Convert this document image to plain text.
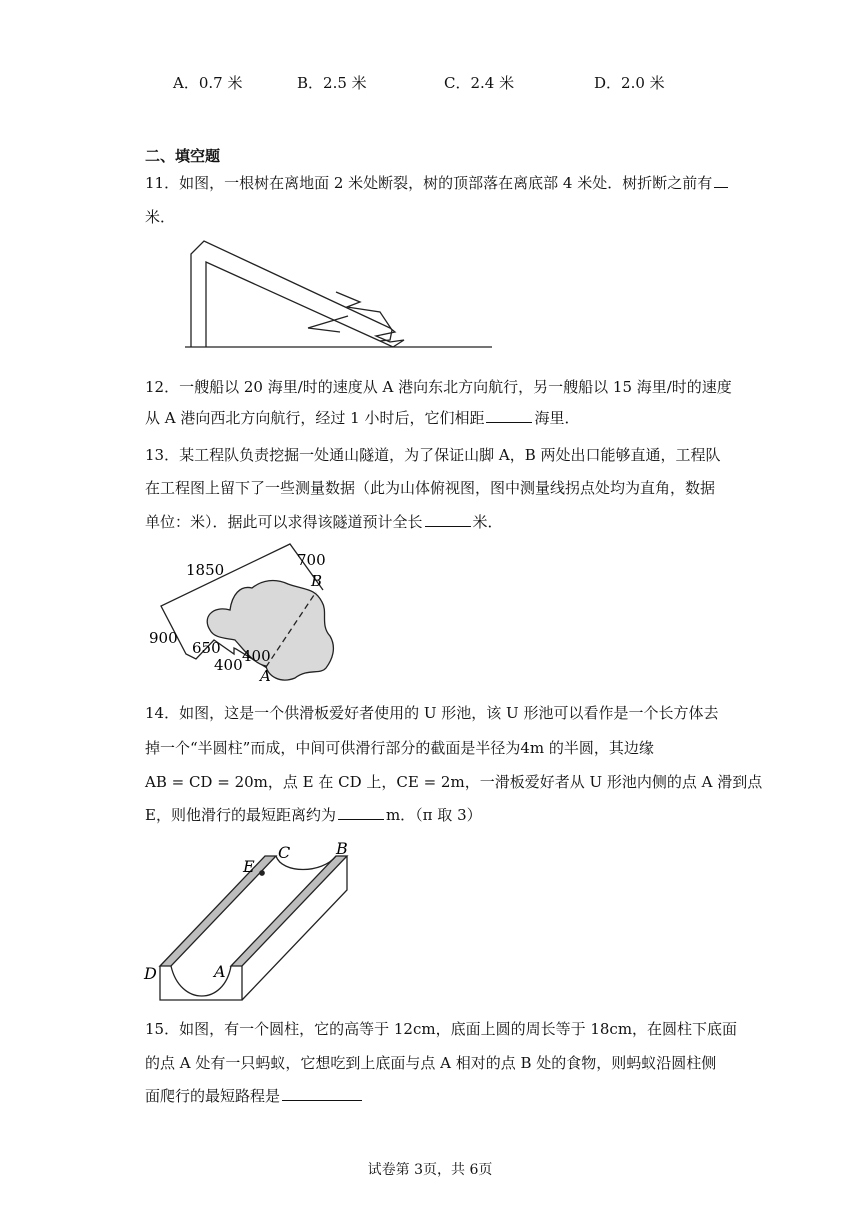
A．0.7 米	B．2.5 米	C．2.4 米	D．2.0 米
二、填空题
11．如图，一根树在离地面 2 米处断裂，树的顶部落在离底部 4 米处．树折断之前有
米．
12．一艘船以 20 海里/时的速度从 A 港向东北方向航行，另一艘船以 15 海里/时的速度
从 A 港向西北方向航行，经过 1 小时后，它们相距	海里．
13．某工程队负责挖掘一处通山隧道，为了保证山脚 A，B 两处出口能够直通，工程队
在工程图上留下了一些测量数据（此为山体俯视图，图中测量线拐点处均为直角，数据
单位：米）．据此可以求得该隧道预计全长	米．
1850
700
900
650
400 400
A
B
14．如图，这是一个供滑板爱好者使用的 U 形池，该 U 形池可以看作是一个长方体去
掉一个“半圆柱”而成，中间可供滑行部分的截面是半径为4m 的半圆，其边缘
AB = CD = 20m，点 E 在 CD 上，CE = 2m，一滑板爱好者从 U 形池内侧的点 A 滑到点
E，则他滑行的最短距离约为	m．（π 取 3）
E
C	B
D	A
15．如图，有一个圆柱，它的高等于 12cm，底面上圆的周长等于 18cm，在圆柱下底面
的点 A 处有一只蚂蚁，它想吃到上底面与点 A 相对的点 B 处的食物，则蚂蚁沿圆柱侧
面爬行的最短路程是
试卷第 3页，共 6页
